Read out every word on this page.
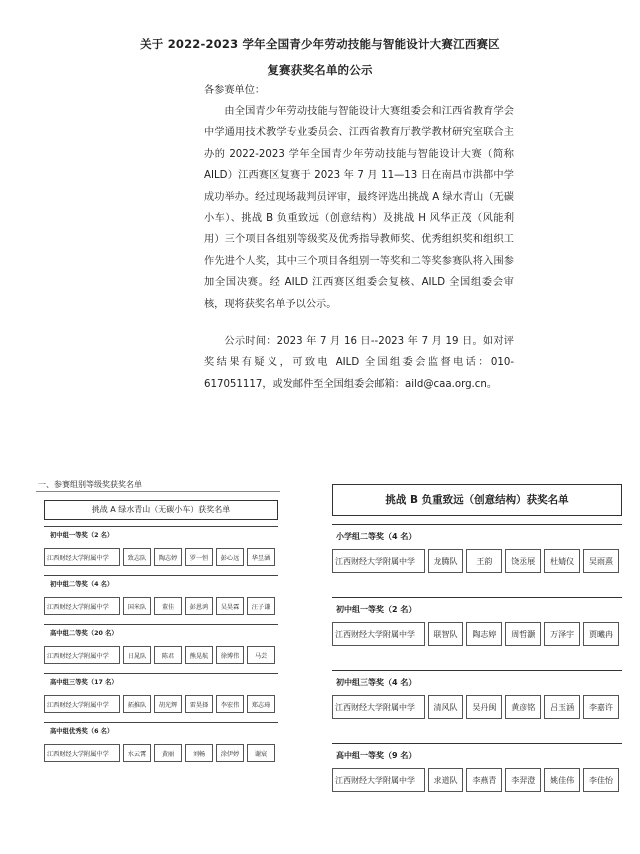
关于 2022-2023 学年全国青少年劳动技能与智能设计大赛江西赛区
复赛获奖名单的公示

各参赛单位：

由全国青少年劳动技能与智能设计大赛组委会和江西省教育学会中学通用技术教学专业委员会、江西省教育厅教学教材研究室联合主办的 2022-2023 学年全国青少年劳动技能与智能设计大赛（简称 AILD）江西赛区复赛于 2023 年 7 月 11—13 日在南昌市洪都中学成功举办。经过现场裁判员评审，最终评选出挑战 A 绿水青山（无碳小车）、挑战 B 负重致远（创意结构）及挑战 H 风华正茂（风能利用）三个项目各组别等级奖及优秀指导教师奖、优秀组织奖和组织工作先进个人奖，其中三个项目各组别一等奖和二等奖参赛队将入围参加全国决赛。经 AILD 江西赛区组委会复核、AILD 全国组委会审核，现将获奖名单予以公示。

公示时间：2023 年 7 月 16 日--2023 年 7 月 19 日。如对评奖结果有疑义，可致电 AILD 全国组委会监督电话：010-617051117，或发邮件至全国组委会邮箱：aild@caa.org.cn。

一、参赛组别等级奖获奖名单
挑战 A 绿水青山（无碳小车）获奖名单
初中组一等奖（2 名）
江西财经大学附属中学	致志队	陶志婷	罗一恒	彭心远	华昱涵
初中组二等奖（4 名）
江西财经大学附属中学	国米队	董佳	彭恩鸿	吴昊霖	汪子谦
高中组二等奖（20 名）
江西财经大学附属中学	日晁队	陈君	熊晃航	徐博伟	马芸
高中组三等奖（17 名）
江西财经大学附属中学	拓推队	胡光辉	雷昊择	李宏伟	郑志琦
高中组优秀奖（6 名）
江西财经大学附属中学	水云霄	黄丽	刘畅	涂伊婷	谢宸
挑战 B 负重致远（创意结构）获奖名单
小学组二等奖（4 名）
江西财经大学附属中学	龙腾队	王韵	饶丞展	杜婧仪	吴雨熹
初中组一等奖（2 名）
江西财经大学附属中学	联智队	陶志婷	周哲灏	万泽宇	贾曦冉
初中组三等奖（4 名）
江西财经大学附属中学	清风队	吴丹闽	黄彦铭	吕玉涵	李嘉许
高中组一等奖（9 名）
江西财经大学附属中学	求道队	李燕青	李羿澄	姚佳伟	李佳怡
